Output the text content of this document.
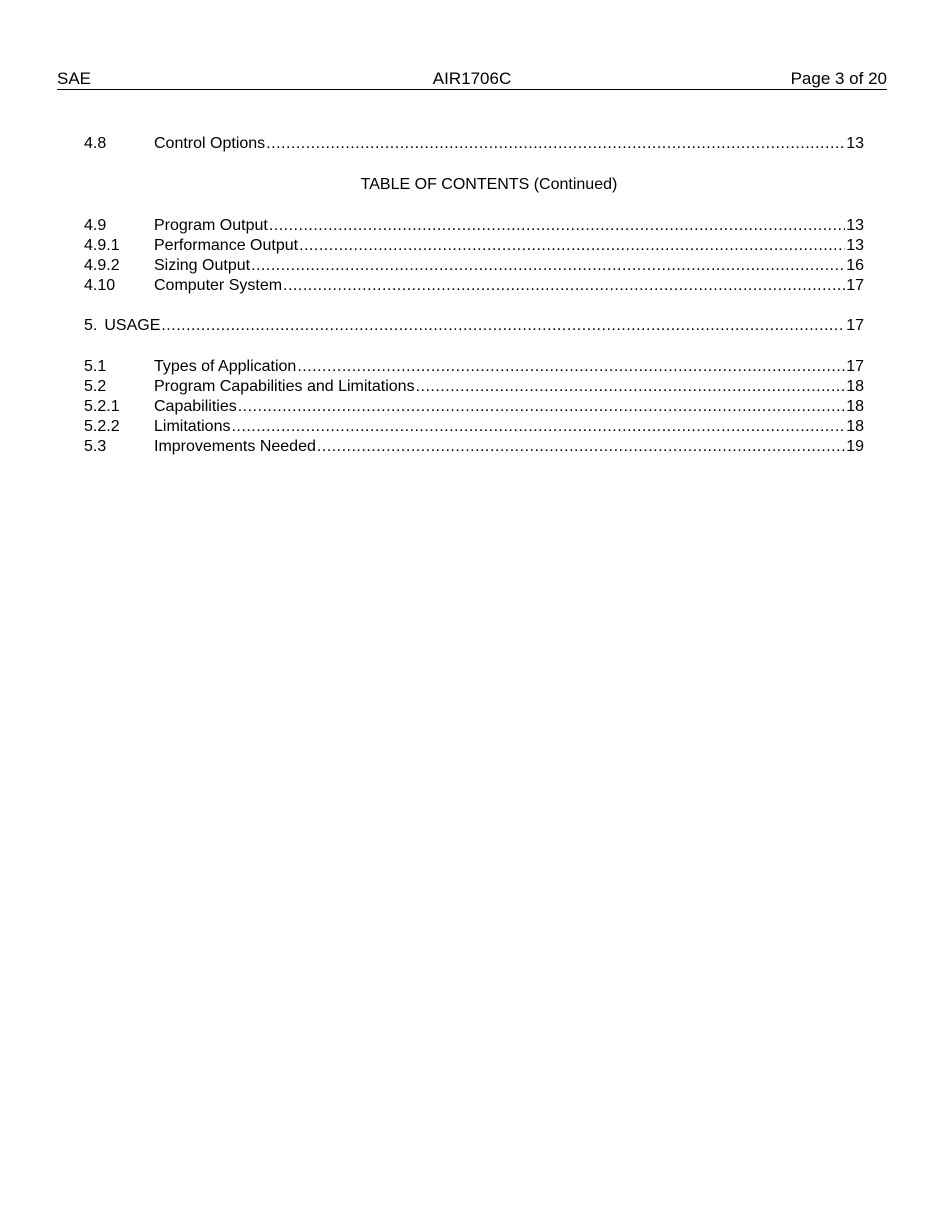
SAE	AIR1706C	Page 3 of 20
4.8	Control Options .....	13
TABLE OF CONTENTS (Continued)
4.9	Program Output .....	13
4.9.1	Performance Output .....	13
4.9.2	Sizing Output .....	16
4.10	Computer System .....	17
5. USAGE .....	17
5.1	Types of Application .....	17
5.2	Program Capabilities and Limitations .....	18
5.2.1	Capabilities .....	18
5.2.2	Limitations .....	18
5.3	Improvements Needed .....	19
